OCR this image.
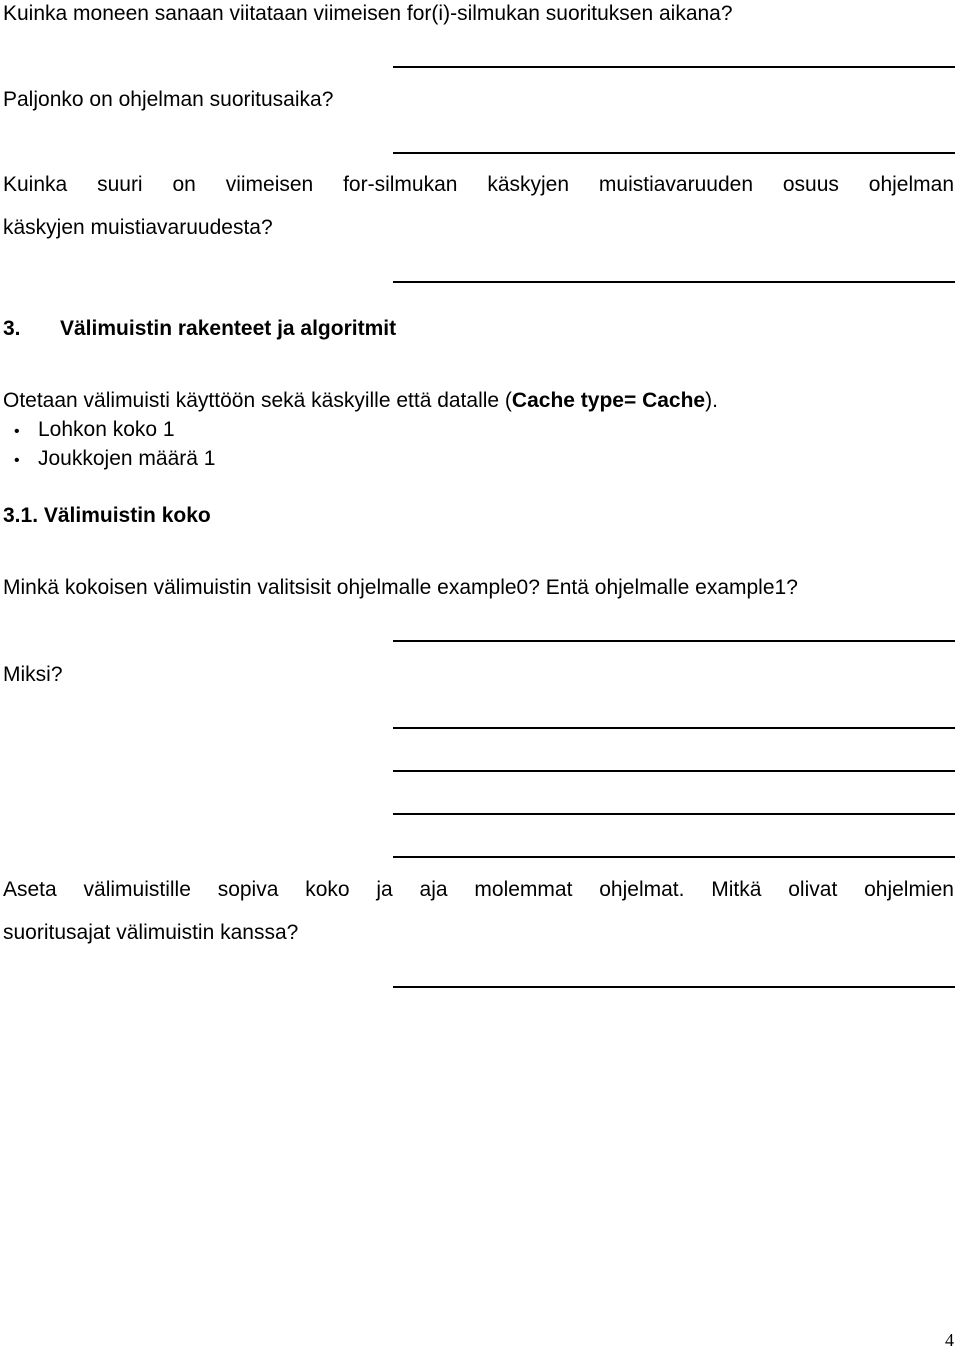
Kuinka moneen sanaan viitataan viimeisen for(i)-silmukan suorituksen aikana?
Paljonko on ohjelman suoritusaika?
Kuinka suuri on viimeisen for-silmukan käskyjen muistiavaruuden osuus ohjelman
käskyjen muistiavaruudesta?
3. Välimuistin rakenteet ja algoritmit
Otetaan välimuisti käyttöön sekä käskyille että datalle (Cache type= Cache).
• Lohkon koko 1
• Joukkojen määrä 1
3.1. Välimuistin koko
Minkä kokoisen välimuistin valitsisit ohjelmalle example0? Entä ohjelmalle example1?
Miksi?
Aseta välimuistille sopiva koko ja aja molemmat ohjelmat. Mitkä olivat ohjelmien
suoritusajat välimuistin kanssa?
4
